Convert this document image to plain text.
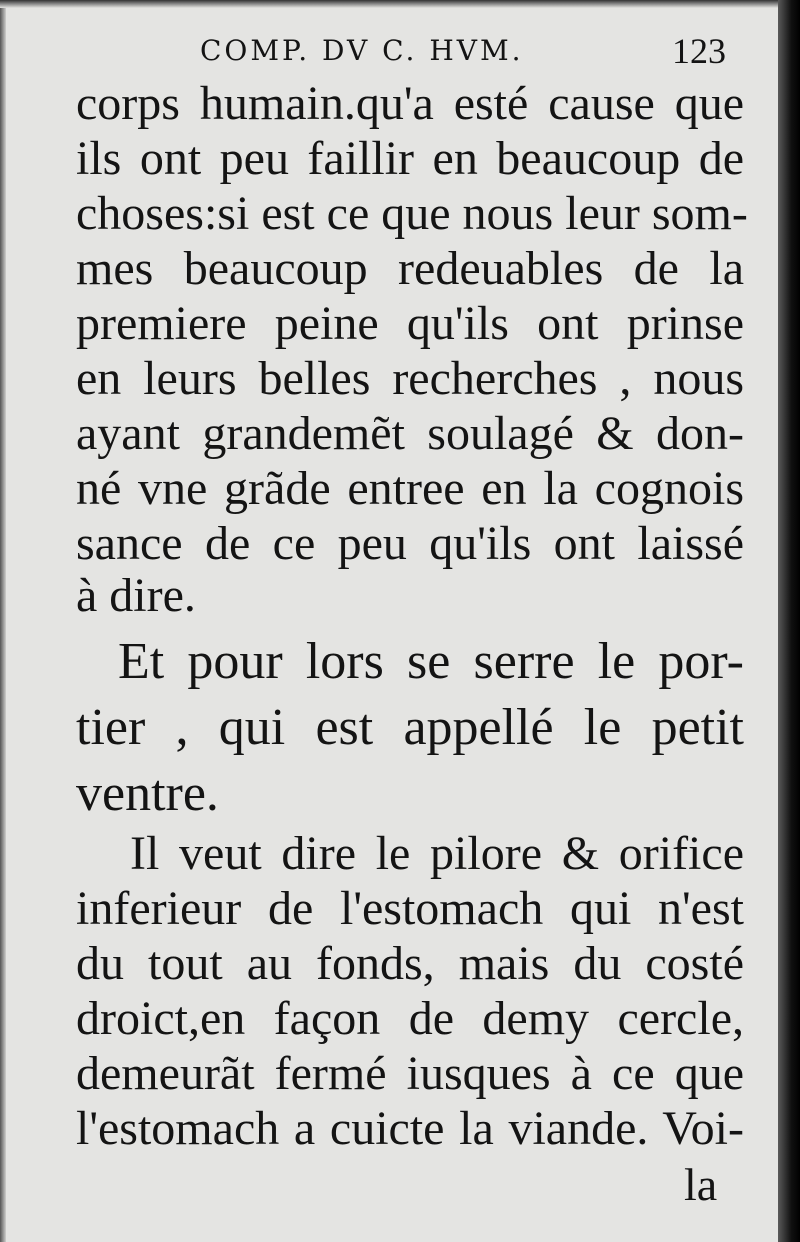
COMP. DV C. HVM.	123
corps humain.qu'a esté cause que
ils ont peu faillir en beaucoup de
choses:si est ce que nous leur som-
mes beaucoup redeuables de la
premiere peine qu'ils ont prinse
en leurs belles recherches , nous
ayant grandemẽt soulagé & don-
né vne grãde entree en la cognois
sance de ce peu qu'ils ont laissé
à dire.
Et pour lors se serre le por-
tier , qui est appellé le petit
ventre.
Il veut dire le pilore & orifice
inferieur de l'estomach qui n'est
du tout au fonds, mais du costé
droict,en façon de demy cercle,
demeurãt fermé iusques à ce que
l'estomach a cuicte la viande. Voi-
la
